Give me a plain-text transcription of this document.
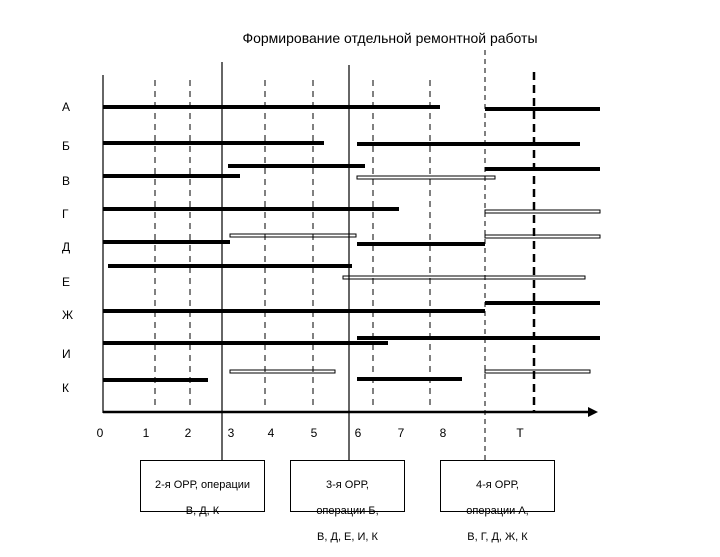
Формирование отдельной ремонтной работы
А
Б
В
Г
Д
Е
Ж
И
К
0	1	2	3	4	5	6	7	8	Т

2-я ОРР, операции

В, Д, К

3-я ОРР,

операции Б,

В, Д, Е, И, К

4-я ОРР,

операции А,

В, Г, Д, Ж, К
